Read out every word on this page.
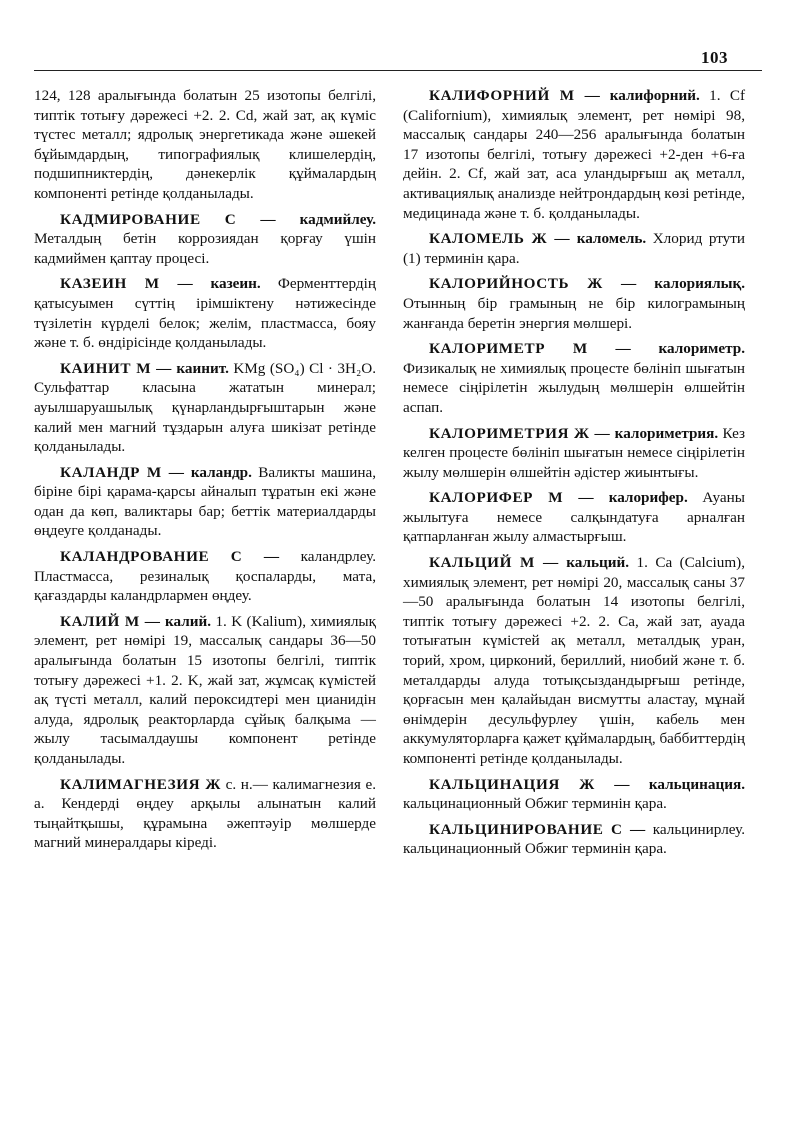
103

124, 128 аралығында болатын 25 изотопы белгілі, типтік тотығу дәрежесі +2. 2. Cd, жай зат, ақ күміс түстес металл; ядролық энергетикада және әшекей бұйымдардың, типографиялық клишелердің, подшипниктердің, дәнекерлік құймалардың компоненті ретінде қолданылады.

КАДМИРОВАНИЕ С — кадмийлеу. Металдың бетін коррозиядан қорғау үшін кадмиймен қаптау процесі.

КАЗЕИН М — казеин. Ферменттердің қатысуымен сүттің ірімшіктену нәтижесінде түзілетін күрделі белок; желім, пластмасса, бояу және т. б. өндірісінде қолданылады.

КАИНИТ М — каинит. KMg (SO₄) Cl · 3H₂O. Сульфаттар класына жататын минерал; ауылшаруашылық қүнарландырғыштарын және калий мен магний тұздарын алуға шикізат ретінде қолданылады.

КАЛАНДР М — каландр. Валикты машина, біріне бірі қарама-қарсы айналып тұратын екі және одан да көп, валиктары бар; беттік материалдарды өңдеуге қолданады.

КАЛАНДРОВАНИЕ С — каландрлеу. Пластмасса, резиналық қоспаларды, мата, қағаздарды каландрлармен өңдеу.

КАЛИЙ М — калий. 1. K (Kalium), химиялық элемент, рет нөмірі 19, массалық сандары 36—50 аралығында болатын 15 изотопы белгілі, типтік тотығу дәрежесі +1. 2. K, жай зат, жұмсақ күмістей ақ түсті металл, калий пероксидтері мен цианидін алуда, ядролық реакторларда сұйық балқыма — жылу тасымалдаушы компонент ретінде қолданылады.

КАЛИМАГНЕЗИЯ Ж с. н.— калимагнезия е. а. Кендерді өңдеу арқылы алынатын калий тыңайтқышы, құрамына әжептәуір мөлшерде магний минералдары кіреді.

КАЛИФОРНИЙ М — калифорний. 1. Cf (Californium), химиялық элемент, рет нөмірі 98, массалық сандары 240—256 аралығында болатын 17 изотопы белгілі, тотығу дәрежесі +2-ден +6-ға дейін. 2. Cf, жай зат, аса уландырғыш ақ металл, активациялық анализде нейтрондардың көзі ретінде, медицинада және т. б. қолданылады.

КАЛОМЕЛЬ Ж — каломель. Хлорид ртути (1) терминін қара.

КАЛОРИЙНОСТЬ Ж — калориялық. Отынның бір грамының не бір килограмының жанғанда беретін энергия мөлшері.

КАЛОРИМЕТР М — калориметр. Физикалық не химиялық процесте бөлініп шығатын немесе сіңірілетін жылудың мөлшерін өлшейтін аспап.

КАЛОРИМЕТРИЯ Ж — калориметрия. Кез келген процесте бөлініп шығатын немесе сіңірілетін жылу мөлшерін өлшейтін әдістер жиынтығы.

КАЛОРИФЕР М — калорифер. Ауаны жылытуға немесе салқындатуға арналған қатпарланған жылу алмастырғыш.

КАЛЬЦИЙ М — кальций. 1. Ca (Calcium), химиялық элемент, рет нөмірі 20, массалық саны 37—50 аралығында болатын 14 изотопы белгілі, типтік тотығу дәрежесі +2. 2. Ca, жай зат, ауада тотығатын күмістей ақ металл, металдық уран, торий, хром, цирконий, бериллий, ниобий және т. б. металдарды алуда тотықсыздандырғыш ретінде, қорғасын мен қалайыдан висмутты аластау, мұнай өнімдерін десульфурлеу үшін, кабель мен аккумуляторларға қажет құймалардың, баббиттердің компоненті ретінде қолданылады.

КАЛЬЦИНАЦИЯ Ж — кальцинация. кальцинационный Обжиг терминін қара.

КАЛЬЦИНИРОВАНИЕ С — кальцинирлеу. кальцинационный Обжиг терминін қара.
